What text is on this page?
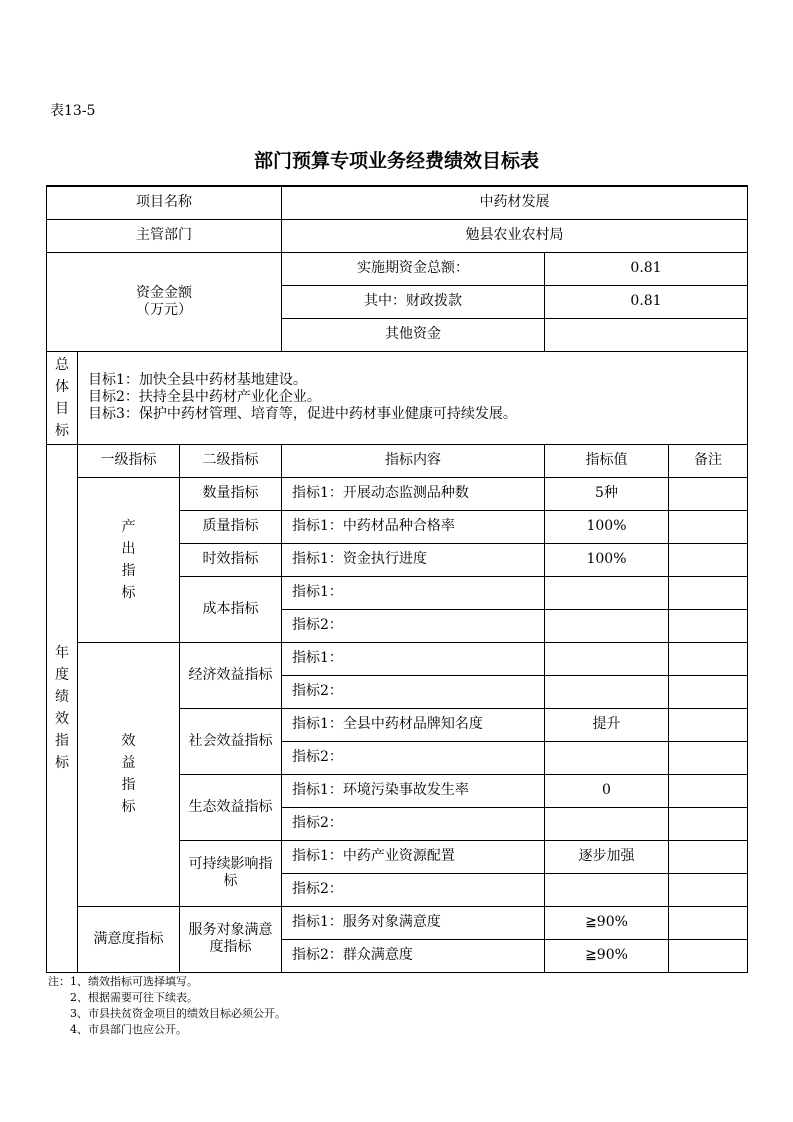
表13-5
部门预算专项业务经费绩效目标表
项目名称			中药材发展		
主管部门			勉县农业农村局		

资金金额
（万元）			实施期资金总额：	0.81	
			其中：财政拨款	0.81	
			其他资金		
总体目标	目标1：加快全县中药材基地建设。
目标2：扶持全县中药材产业化企业。
目标3：保护中药材管理、培育等，促进中药材事业健康可持续发展。				

年度绩效指标	一级指标	二级指标	指标内容	指标值	备注
	产出指标	数量指标	指标1：开展动态监测品种数	5种	
		质量指标	指标1：中药材品种合格率	100%	
		时效指标	指标1：资金执行进度	100%	
		成本指标	指标1：		
			指标2：		
	效益指标	经济效益指标	指标1：		
			指标2：		
		社会效益指标	指标1：全县中药材品牌知名度	提升	
			指标2：		
		生态效益指标	指标1：环境污染事故发生率	0	
			指标2：		
		可持续影响指标	指标1：中药产业资源配置	逐步加强	
			指标2：		
	满意度指标	服务对象满意度指标	指标1：服务对象满意度	≧90%	
			指标2：群众满意度	≧90%	
注：1、绩效指标可选择填写。
　　2、根据需要可往下续表。
　　3、市县扶贫资金项目的绩效目标必须公开。
　　4、市县部门也应公开。
